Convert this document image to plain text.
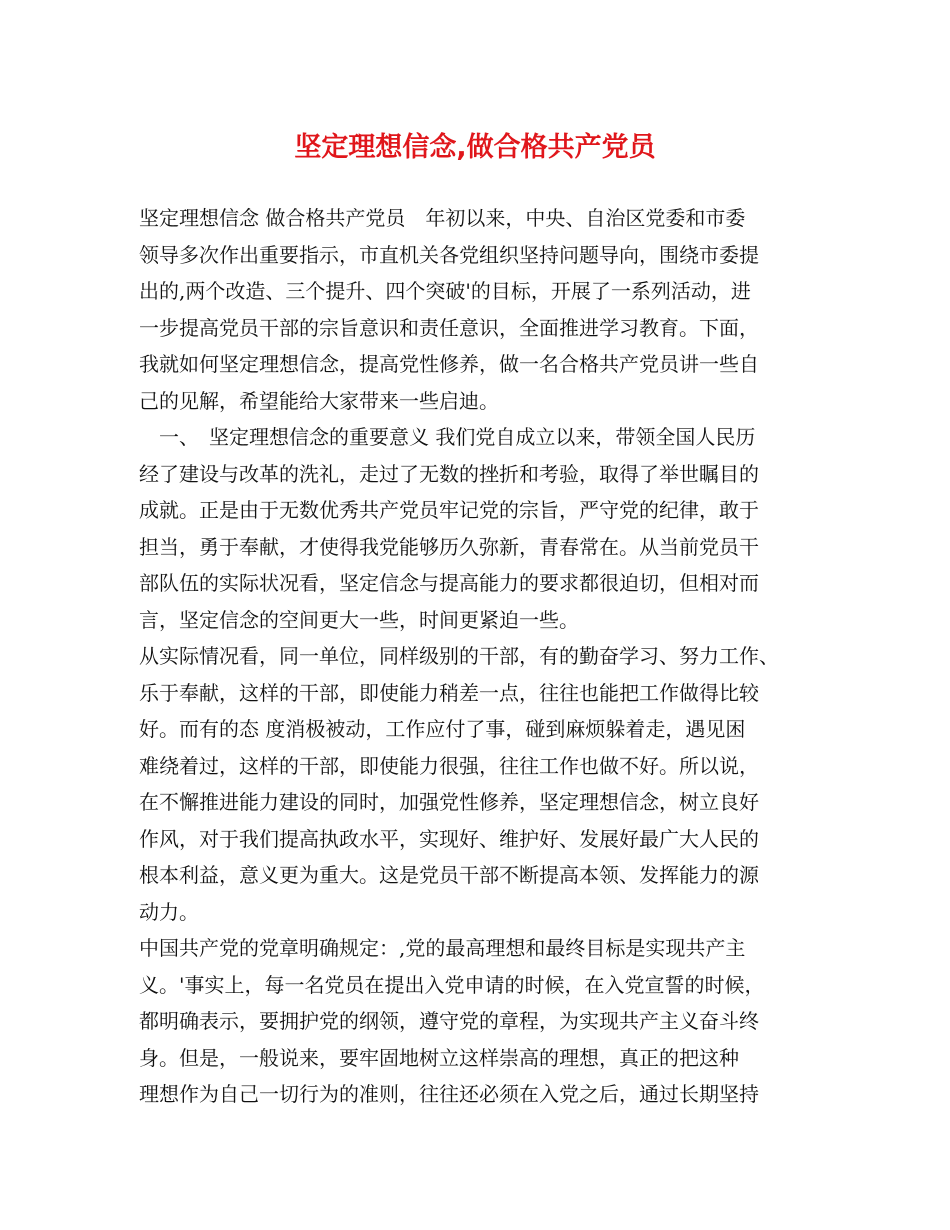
坚定理想信念,做合格共产党员
坚定理想信念 做合格共产党员　年初以来，中央、自治区党委和市委
领导多次作出重要指示，市直机关各党组织坚持问题导向，围绕市委提
出的,两个改造、三个提升、四个突破'的目标，开展了一系列活动，进
一步提高党员干部的宗旨意识和责任意识，全面推进学习教育。下面，
我就如何坚定理想信念，提高党性修养，做一名合格共产党员讲一些自
己的见解，希望能给大家带来一些启迪。
　一、　坚定理想信念的重要意义 我们党自成立以来，带领全国人民历
经了建设与改革的洗礼，走过了无数的挫折和考验，取得了举世瞩目的
成就。正是由于无数优秀共产党员牢记党的宗旨，严守党的纪律，敢于
担当，勇于奉献，才使得我党能够历久弥新，青春常在。从当前党员干
部队伍的实际状况看，坚定信念与提高能力的要求都很迫切，但相对而
言，坚定信念的空间更大一些，时间更紧迫一些。
从实际情况看，同一单位，同样级别的干部，有的勤奋学习、努力工作、
乐于奉献，这样的干部，即使能力稍差一点，往往也能把工作做得比较
好。而有的态 度消极被动，工作应付了事，碰到麻烦躲着走，遇见困
难绕着过，这样的干部，即使能力很强，往往工作也做不好。所以说，
在不懈推进能力建设的同时，加强党性修养，坚定理想信念，树立良好
作风，对于我们提高执政水平，实现好、维护好、发展好最广大人民的
根本利益，意义更为重大。这是党员干部不断提高本领、发挥能力的源
动力。
中国共产党的党章明确规定：,党的最高理想和最终目标是实现共产主
义。'事实上，每一名党员在提出入党申请的时候，在入党宣誓的时候，
都明确表示，要拥护党的纲领，遵守党的章程，为实现共产主义奋斗终
身。但是，一般说来，要牢固地树立这样崇高的理想，真正的把这种
理想作为自己一切行为的准则，往往还必须在入党之后，通过长期坚持
